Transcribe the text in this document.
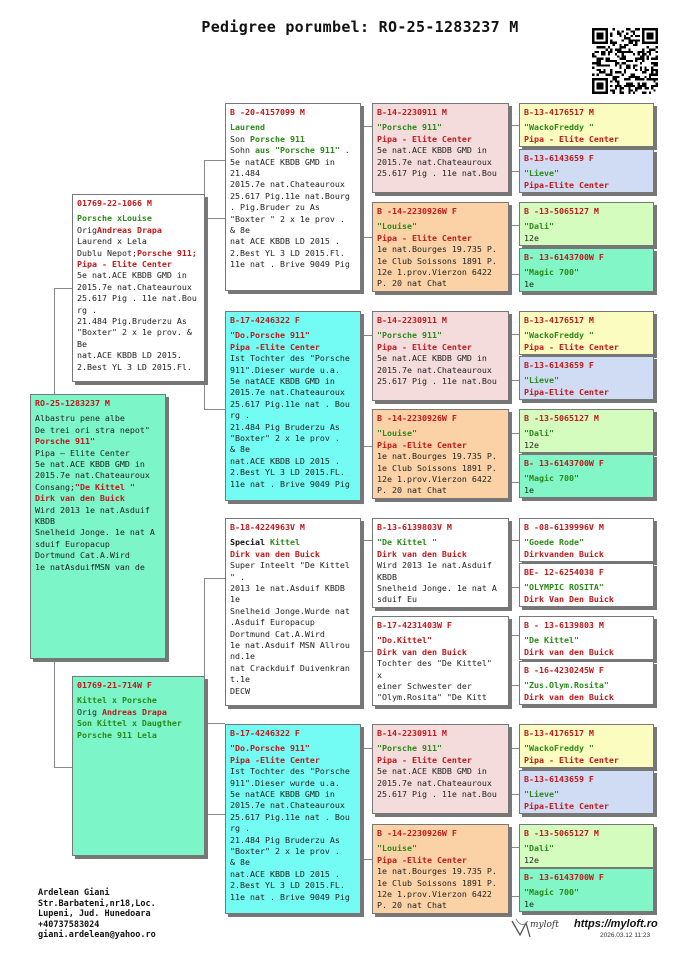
Pedigree porumbel: RO-25-1283237 M
RO-25-1283237 M
Albastru pene albe
De trei ori stra nepot"
Porsche 911"
Pipa – Elite Center
5e nat.ACE KBDB GMD in
2015.7e nat.Chateauroux
Consang;"De Kittel "
Dirk van den Buick
Wird 2013 1e nat.Asduif
KBDB
Snelheid Jonge. 1e nat A
sduif Europacup
Dortmund Cat.A.Wird
1e natAsduifMSN van de
01769-22-1066 M
Porsche xLouise
OrigAndreas Drapa
Laurend x Lela
Dublu Nepot;Porsche 911;
Pipa - Elite Center
5e nat.ACE KBDB GMD in
2015.7e nat.Chateauroux
25.617 Pig . 11e nat.Bou
rg .
21.484 Pig.Bruderzu As
"Boxter" 2 x 1e prov. &
Be
nat.ACE KBDB LD 2015.
2.Best YL 3 LD 2015.Fl.
01769-21-714W F
Kittel x Porsche
Orig Andreas Drapa
Son Kittel x Daugther
Porsche 911 Lela
B -20-4157099 M
Laurend
Son Porsche 911
Sohn aus "Porsche 911" .
5e natACE KBDB GMD in
21.484
2015.7e nat.Chateauroux
25.617 Pig.11e nat.Bourg
. Pig.Bruder zu As
"Boxter " 2 x 1e prov .
& 8e
nat ACE KBDB LD 2015 .
2.Best YL 3 LD 2015.Fl.
11e nat . Brive 9049 Pig
B-17-4246322 F
"Do.Porsche 911"
Pipa -Elite Center
Ist Tochter des "Porsche
911".Dieser wurde u.a.
5e natACE KBDB GMD in
2015.7e nat.Chateauroux
25.617 Pig.11e nat . Bou
rg .
21.484 Pig Bruderzu As
"Boxter" 2 x 1e prov .
& 8e
nat.ACE KBDB LD 2015 .
2.Best YL 3 LD 2015.FL.
11e nat . Brive 9049 Pig
B-18-4224963V M
Special Kittel
Dirk van den Buick
Super Inteelt "De Kittel
" .
2013 1e nat.Asduif KBDB
1e
Snelheid Jonge.Wurde nat
.Asduif Europacup
Dortmund Cat.A.Wird
1e nat.Asduif MSN Allrou
nd.1e
nat Crackduif Duivenkran
t.1e
DECW
B-17-4246322 F
"Do.Porsche 911"
Pipa -Elite Center
Ist Tochter des "Porsche
911".Dieser wurde u.a.
5e natACE KBDB GMD in
2015.7e nat.Chateauroux
25.617 Pig.11e nat . Bou
rg .
21.484 Pig Bruderzu As
"Boxter" 2 x 1e prov .
& 8e
nat.ACE KBDB LD 2015 .
2.Best YL 3 LD 2015.FL.
11e nat . Brive 9049 Pig
B-14-2230911 M
"Porsche 911"
Pipa - Elite Center
5e nat.ACE KBDB GMD in
2015.7e nat.Chateauroux
25.617 Pig . 11e nat.Bou
B -14-2230926W F
"Louise"
Pipa - Elite Center
1e nat.Bourges 19.735 P.
1e Club Soissons 1891 P.
12e 1.prov.Vierzon 6422
P. 20 nat Chat
B-14-2230911 M
"Porsche 911"
Pipa - Elite Center
5e nat.ACE KBDB GMD in
2015.7e nat.Chateauroux
25.617 Pig . 11e nat.Bou
B -14-2230926W F
"Louise"
Pipa -Elite Center
1e nat.Bourges 19.735 P.
1e Club Soissons 1891 P.
12e 1.prov.Vierzon 6422
P. 20 nat Chat
B-13-6139803V M
"De Kittel "
Dirk van den Buick
Wird 2013 1e nat.Asduif
KBDB
Snelheid Jonge. 1e nat A
sduif Eu
B-17-4231403W F
"Do.Kittel"
Dirk van den Buick
Tochter des "De Kittel"
x
einer Schwester der
"Olym.Rosita" "De Kitt
B-14-2230911 M
"Porsche 911"
Pipa - Elite Center
5e nat.ACE KBDB GMD in
2015.7e nat.Chateauroux
25.617 Pig . 11e nat.Bou
B -14-2230926W F
"Louise"
Pipa -Elite Center
1e nat.Bourges 19.735 P.
1e Club Soissons 1891 P.
12e 1.prov.Vierzon 6422
P. 20 nat Chat
B-13-4176517 M
"WackoFreddy "
Pipa - Elite Center
B-13-6143659 F
"Lieve"
Pipa-Elite Center
B -13-5065127 M
"Dali"
12e
B- 13-6143700W F
"Magic 700"
1e
B-13-4176517 M
"WackoFreddy "
Pipa - Elite Center
B-13-6143659 F
"Lieve"
Pipa-Elite Center
B -13-5065127 M
"Dali"
12e
B- 13-6143700W F
"Magic 700"
1e
B -08-6139996V M
"Goede Rode"
Dirkvanden Buick
BE- 12-6254038 F
"OLYMPIC ROSITA"
Dirk Van Den Buick
B - 13-6139803 M
"De Kittel"
Dirk van den Buick
B -16-4230245W F
"Zus.Olym.Rosita"
Dirk van den Buick
B-13-4176517 M
"WackoFreddy "
Pipa - Elite Center
B-13-6143659 F
"Lieve"
Pipa-Elite Center
B -13-5065127 M
"Dali"
12e
B- 13-6143700W F
"Magic 700"
1e
Ardelean Giani
Str.Barbateni,nr18,Loc.
Lupeni, Jud. Hunedoara
+40737583024
giani.ardelean@yahoo.ro
myloft https://myloft.ro
2026.03.12 11:23
